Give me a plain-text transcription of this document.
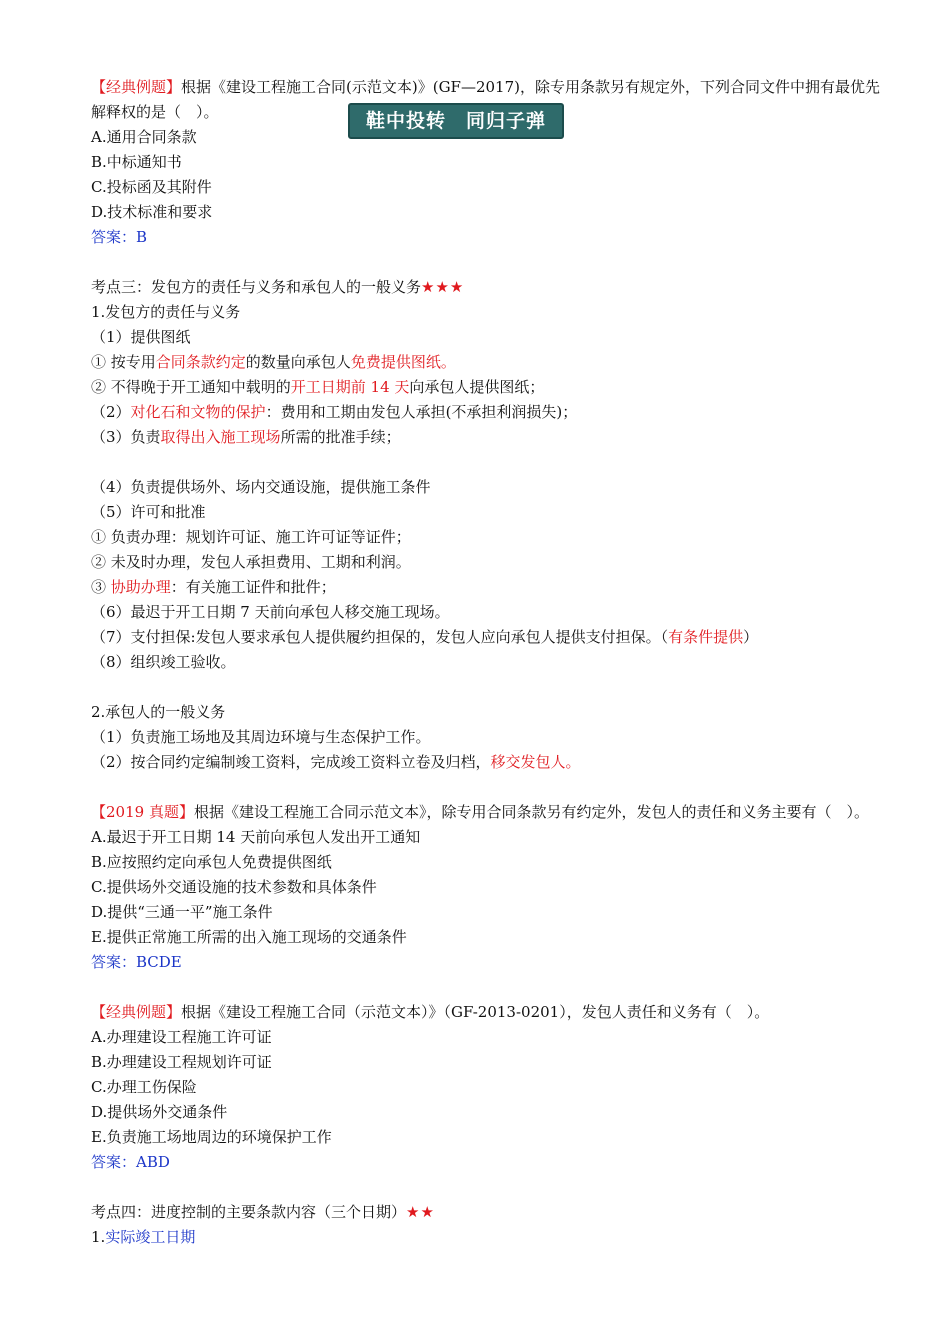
鞋中投转　同归子弹
【经典例题】根据《建设工程施工合同(示范文本)》(GF—2017)，除专用条款另有规定外，下列合同文件中拥有最优先解释权的是（　）。
A.通用合同条款
B.中标通知书
C.投标函及其附件
D.技术标准和要求
答案：B
考点三：发包方的责任与义务和承包人的一般义务★★★
1.发包方的责任与义务
（1）提供图纸
① 按专用合同条款约定的数量向承包人免费提供图纸。
② 不得晚于开工通知中载明的开工日期前 14 天向承包人提供图纸；
（2）对化石和文物的保护：费用和工期由发包人承担(不承担利润损失)；
（3）负责取得出入施工现场所需的批准手续；
（4）负责提供场外、场内交通设施，提供施工条件
（5）许可和批准
① 负责办理：规划许可证、施工许可证等证件；
② 未及时办理，发包人承担费用、工期和利润。
③ 协助办理：有关施工证件和批件；
（6）最迟于开工日期 7 天前向承包人移交施工现场。
（7）支付担保:发包人要求承包人提供履约担保的，发包人应向承包人提供支付担保。（有条件提供）
（8）组织竣工验收。
2.承包人的一般义务
（1）负责施工场地及其周边环境与生态保护工作。
（2）按合同约定编制竣工资料，完成竣工资料立卷及归档，移交发包人。
【2019 真题】根据《建设工程施工合同示范文本》，除专用合同条款另有约定外，发包人的责任和义务主要有（　）。
A.最迟于开工日期 14 天前向承包人发出开工通知
B.应按照约定向承包人免费提供图纸
C.提供场外交通设施的技术参数和具体条件
D.提供“三通一平”施工条件
E.提供正常施工所需的出入施工现场的交通条件
答案：BCDE
【经典例题】根据《建设工程施工合同（示范文本）》（GF-2013-0201），发包人责任和义务有（　）。
A.办理建设工程施工许可证
B.办理建设工程规划许可证
C.办理工伤保险
D.提供场外交通条件
E.负责施工场地周边的环境保护工作
答案：ABD
考点四：进度控制的主要条款内容（三个日期）★★
1.实际竣工日期
